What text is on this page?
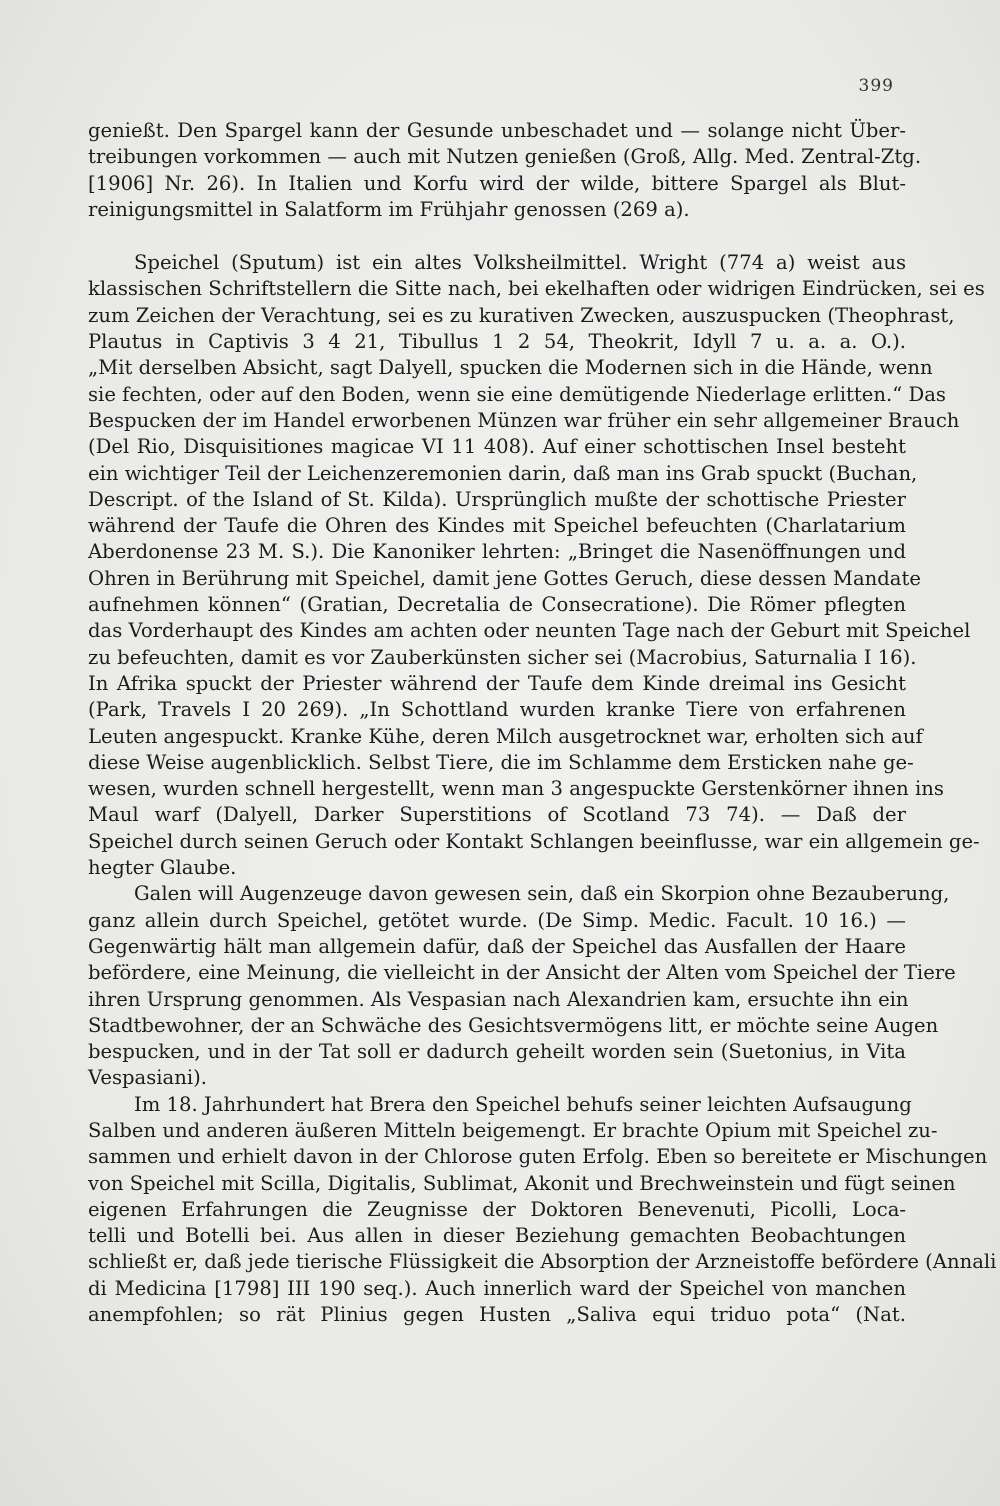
399
genießt. Den Spargel kann der Gesunde unbeschadet und — solange nicht Über-
treibungen vorkommen — auch mit Nutzen genießen (Groß, Allg. Med. Zentral-Ztg.
[1906] Nr. 26). In Italien und Korfu wird der wilde, bittere Spargel als Blut-
reinigungsmittel in Salatform im Frühjahr genossen (269 a).
Speichel (Sputum) ist ein altes Volksheilmittel. Wright (774 a) weist aus
klassischen Schriftstellern die Sitte nach, bei ekelhaften oder widrigen Eindrücken, sei es
zum Zeichen der Verachtung, sei es zu kurativen Zwecken, auszuspucken (Theophrast,
Plautus in Captivis 3 4 21, Tibullus 1 2 54, Theokrit, Idyll 7 u. a. a. O.).
„Mit derselben Absicht, sagt Dalyell, spucken die Modernen sich in die Hände, wenn
sie fechten, oder auf den Boden, wenn sie eine demütigende Niederlage erlitten.“ Das
Bespucken der im Handel erworbenen Münzen war früher ein sehr allgemeiner Brauch
(Del Rio, Disquisitiones magicae VI 11 408). Auf einer schottischen Insel besteht
ein wichtiger Teil der Leichenzeremonien darin, daß man ins Grab spuckt (Buchan,
Descript. of the Island of St. Kilda). Ursprünglich mußte der schottische Priester
während der Taufe die Ohren des Kindes mit Speichel befeuchten (Charlatarium
Aberdonense 23 M. S.). Die Kanoniker lehrten: „Bringet die Nasenöffnungen und
Ohren in Berührung mit Speichel, damit jene Gottes Geruch, diese dessen Mandate
aufnehmen können“ (Gratian, Decretalia de Consecratione). Die Römer pflegten
das Vorderhaupt des Kindes am achten oder neunten Tage nach der Geburt mit Speichel
zu befeuchten, damit es vor Zauberkünsten sicher sei (Macrobius, Saturnalia I 16).
In Afrika spuckt der Priester während der Taufe dem Kinde dreimal ins Gesicht
(Park, Travels I 20 269). „In Schottland wurden kranke Tiere von erfahrenen
Leuten angespuckt. Kranke Kühe, deren Milch ausgetrocknet war, erholten sich auf
diese Weise augenblicklich. Selbst Tiere, die im Schlamme dem Ersticken nahe ge-
wesen, wurden schnell hergestellt, wenn man 3 angespuckte Gerstenkörner ihnen ins
Maul warf (Dalyell, Darker Superstitions of Scotland 73 74). — Daß der
Speichel durch seinen Geruch oder Kontakt Schlangen beeinflusse, war ein allgemein ge-
hegter Glaube.
Galen will Augenzeuge davon gewesen sein, daß ein Skorpion ohne Bezauberung,
ganz allein durch Speichel, getötet wurde. (De Simp. Medic. Facult. 10 16.) —
Gegenwärtig hält man allgemein dafür, daß der Speichel das Ausfallen der Haare
befördere, eine Meinung, die vielleicht in der Ansicht der Alten vom Speichel der Tiere
ihren Ursprung genommen. Als Vespasian nach Alexandrien kam, ersuchte ihn ein
Stadtbewohner, der an Schwäche des Gesichtsvermögens litt, er möchte seine Augen
bespucken, und in der Tat soll er dadurch geheilt worden sein (Suetonius, in Vita
Vespasiani).
Im 18. Jahrhundert hat Brera den Speichel behufs seiner leichten Aufsaugung
Salben und anderen äußeren Mitteln beigemengt. Er brachte Opium mit Speichel zu-
sammen und erhielt davon in der Chlorose guten Erfolg. Eben so bereitete er Mischungen
von Speichel mit Scilla, Digitalis, Sublimat, Akonit und Brechweinstein und fügt seinen
eigenen Erfahrungen die Zeugnisse der Doktoren Benevenuti, Picolli, Loca-
telli und Botelli bei. Aus allen in dieser Beziehung gemachten Beobachtungen
schließt er, daß jede tierische Flüssigkeit die Absorption der Arzneistoffe befördere (Annali
di Medicina [1798] III 190 seq.). Auch innerlich ward der Speichel von manchen
anempfohlen; so rät Plinius gegen Husten „Saliva equi triduo pota“ (Nat.
